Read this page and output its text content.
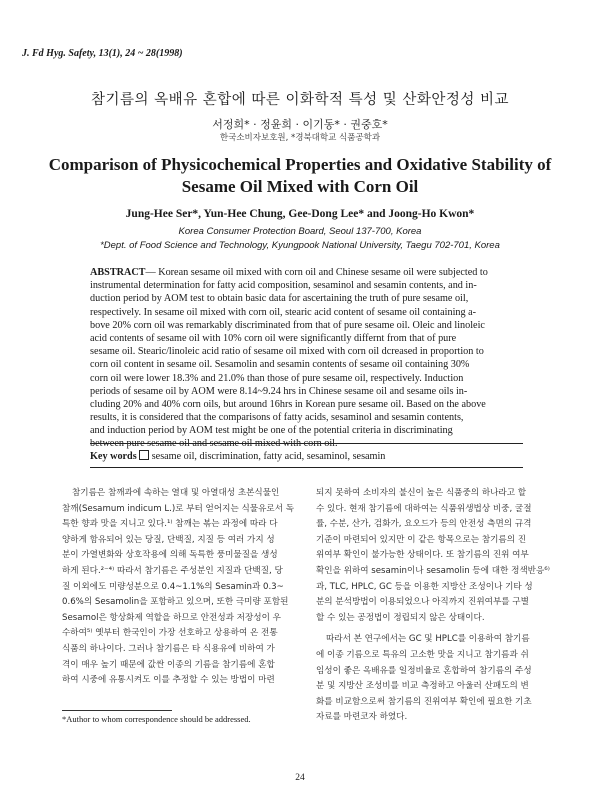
J. Fd Hyg. Safety, 13(1), 24 ~ 28(1998)
참기름의 옥배유 혼합에 따른 이화학적 특성 및 산화안정성 비교
서정희* · 정윤희 · 이기동* · 권중호*
한국소비자보호원, *경북대학교 식품공학과
Comparison of Physicochemical Properties and Oxidative Stability of Sesame Oil Mixed with Corn Oil
Jung-Hee Ser*, Yun-Hee Chung, Gee-Dong Lee* and Joong-Ho Kwon*
Korea Consumer Protection Board, Seoul 137-700, Korea
*Dept. of Food Science and Technology, Kyungpook National University, Taegu 702-701, Korea
ABSTRACT— Korean sesame oil mixed with corn oil and Chinese sesame oil were subjected to
instrumental determination for fatty acid composition, sesaminol and sesamin contents, and in-
duction period by AOM test to obtain basic data for ascertaining the truth of pure sesame oil,
respectively. In sesame oil mixed with corn oil, stearic acid content of sesame oil containing a-
bove 20% corn oil was remarkably discriminated from that of pure sesame oil. Oleic and linoleic
acid contents of sesame oil with 10% corn oil were significantly differnt from that of pure
sesame oil. Stearic/linoleic acid ratio of sesame oil mixed with corn oil dcreased in proportion to
corn oil content in sesame oil. Sesamolin and sesamin contents of sesame oil containing 30%
corn oil were lower 18.3% and 21.0% than those of pure sesame oil, respectively. Induction
periods of sesame oil by AOM were 8.14~9.24 hrs in Chinese sesame oil and sesame oils in-
cluding 20% and 40% corn oils, but around 16hrs in Korean pure sesame oil. Based on the above
results, it is considered that the comparisons of fatty acids, sesaminol and sesamin contents,
and induction period by AOM test might be one of the potential criteria in discriminating
between pure sesame oil and sesame oil mixed with corn oil.
Key words sesame oil, discrimination, fatty acid, sesaminol, sesamin
참기름은 참깨과에 속하는 열대 및 아열대성 초본식물인
참깨(Sesamum indicum L.)로 부터 얻어지는 식물유로서 독
특한 향과 맛을 지니고 있다.¹⁾ 참깨는 볶는 과정에 따라 다
양하게 함유되어 있는 당질, 단백질, 지질 등 여러 가지 성
분이 가열변화와 상호작용에 의해 독특한 풍미물질을 생성
하게 된다.²⁻⁴⁾ 따라서 참기름은 주성분인 지질과 단백질, 당
질 이외에도 미량성분으로 0.4~1.1%의 Sesamin과 0.3~
0.6%의 Sesamolin을 포함하고 있으며, 또한 극미량 포함된
Sesamol은 항상화제 역할을 하므로 안전성과 저장성이 우
수하여⁵⁾ 옛부터 한국인이 가장 선호하고 상용하여 온 전통
식품의 하나이다. 그러나 참기름은 타 식용유에 비하여 가
격이 매우 높기 때문에 값싼 이종의 기름을 참기름에 혼합
하여 시중에 유통시켜도 이를 추정할 수 있는 방법이 마련
되지 못하여 소비자의 불신이 높은 식품중의 하나라고 할
수 있다. 현재 참기름에 대하여는 식품위생법상 비중, 굴절
률, 수분, 산가, 검화가, 요오드가 등의 안전성 측면의 규격
기준이 마련되어 있지만 이 같은 항목으로는 참기름의 진
위여부 확인이 불가능한 상태이다. 또 참기름의 진위 여부
확인을 위하여 sesamin이나 sesamolin 등에 대한 정색반응⁶⁾
과, TLC, HPLC, GC 등을 이용한 지방산 조성이나 기타 성
분의 분석방법이 이용되었으나 아직까지 진위여부를 구별
할 수 있는 공정법이 정립되지 않은 상태이다.
따라서 본 연구에서는 GC 및 HPLC를 이용하여 참기름
에 이종 기름으로 특유의 고소한 맛을 지니고 참기름과 쉬
임성이 좋은 옥배유를 일정비율로 혼합하여 참기름의 주성
분 및 지방산 조성비를 비교 측정하고 아울러 산패도의 변
화를 비교함으로써 참기름의 진위여부 확인에 필요한 기초
자료를 마련코자 하였다.
*Author to whom correspondence should be addressed.
24
